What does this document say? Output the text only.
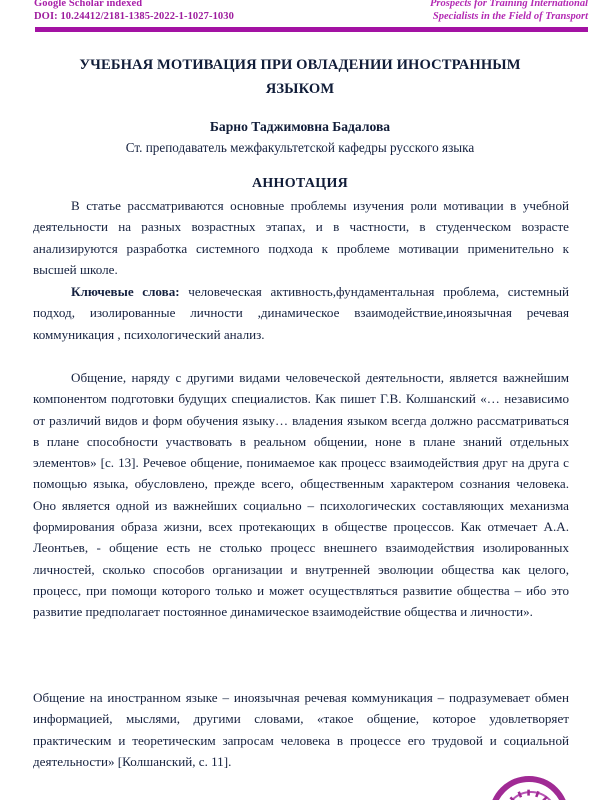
Google Scholar indexed
DOI: 10.24412/2181-1385-2022-1-1027-1030
Prospects for Training International
Specialists in the Field of Transport
УЧЕБНАЯ МОТИВАЦИЯ ПРИ ОВЛАДЕНИИ ИНОСТРАННЫМ ЯЗЫКОМ
Барно Таджимовна Бадалова
Ст. преподаватель межфакультетской кафедры русского языка
АННОТАЦИЯ
В статье рассматриваются основные проблемы изучения роли мотивации в учебной деятельности на разных возрастных этапах, и в частности, в студенческом возрасте анализируются разработка системного подхода к проблеме мотивации применительно к высшей школе.
Ключевые слова: человеческая активность,фундаментальная проблема, системный подход, изолированные личности ,динамическое взаимодействие,иноязычная речевая коммуникация , психологический анализ.
Общение, наряду с другими видами человеческой деятельности, является важнейшим компонентом подготовки будущих специалистов. Как пишет Г.В. Колшанский «… независимо от различий видов и форм обучения языку… владения языком всегда должно рассматриваться в плане способности участвовать в реальном общении, ноне в плане знаний отдельных элементов» [с. 13]. Речевое общение, понимаемое как процесс взаимодействия друг на друга с помощью языка, обусловлено, прежде всего, общественным характером сознания человека. Оно является одной из важнейших социально – психологических составляющих механизма формирования образа жизни, всех протекающих в обществе процессов. Как отмечает А.А. Леонтьев, - общение есть не столько процесс внешнего взаимодействия изолированных личностей, сколько способов организации и внутренней эволюции общества как целого, процесс, при помощи которого только и может осуществляться развитие общества – ибо это развитие предполагает постоянное динамическое взаимодействие общества и личности».
Общение на иностранном языке – иноязычная речевая коммуникация – подразумевает обмен информацией, мыслями, другими словами, «такое общение, которое удовлетворяет практическим и теоретическим запросам человека в процессе его трудовой и социальной деятельности» [Колшанский, с. 11].
